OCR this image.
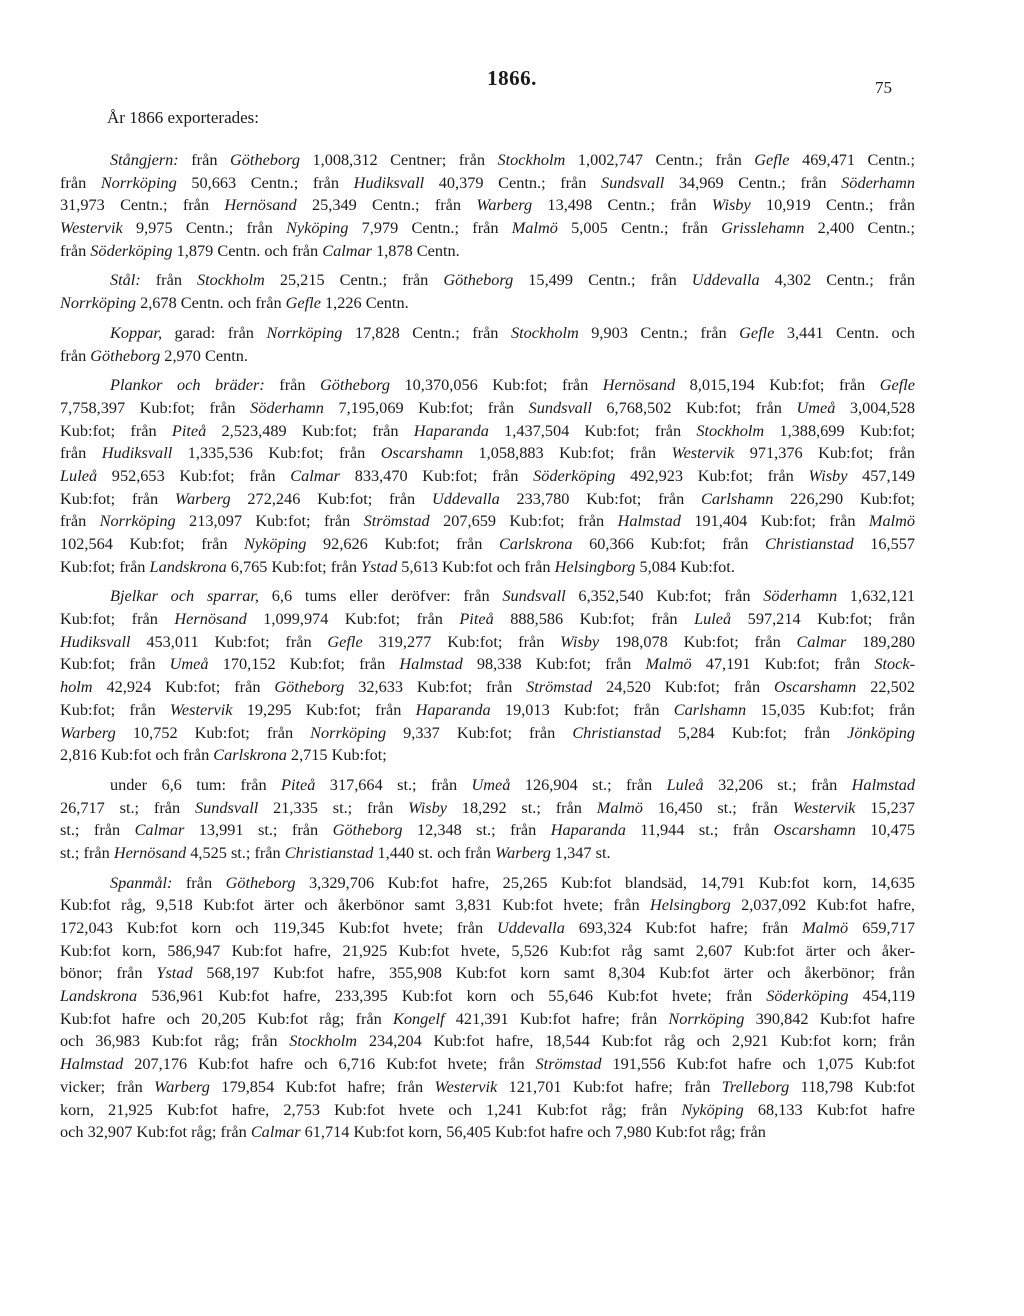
1866.	75
År 1866 exporterades:
Stångjern: från Götheborg 1,008,312 Centner; från Stockholm 1,002,747 Centn.; från Gefle 469,471 Centn.;
från Norrköping 50,663 Centn.; från Hudiksvall 40,379 Centn.; från Sundsvall 34,969 Centn.; från Söderhamn
31,973 Centn.; från Hernösand 25,349 Centn.; från Warberg 13,498 Centn.; från Wisby 10,919 Centn.; från
Westervik 9,975 Centn.; från Nyköping 7,979 Centn.; från Malmö 5,005 Centn.; från Grisslehamn 2,400 Centn.;
från Söderköping 1,879 Centn. och från Calmar 1,878 Centn.
Stål: från Stockholm 25,215 Centn.; från Götheborg 15,499 Centn.; från Uddevalla 4,302 Centn.; från
Norrköping 2,678 Centn. och från Gefle 1,226 Centn.
Koppar, garad: från Norrköping 17,828 Centn.; från Stockholm 9,903 Centn.; från Gefle 3,441 Centn. och
från Götheborg 2,970 Centn.
Plankor och bräder: från Götheborg 10,370,056 Kub:fot; från Hernösand 8,015,194 Kub:fot; från Gefle
7,758,397 Kub:fot; från Söderhamn 7,195,069 Kub:fot; från Sundsvall 6,768,502 Kub:fot; från Umeå 3,004,528
Kub:fot; från Piteå 2,523,489 Kub:fot; från Haparanda 1,437,504 Kub:fot; från Stockholm 1,388,699 Kub:fot;
från Hudiksvall 1,335,536 Kub:fot; från Oscarshamn 1,058,883 Kub:fot; från Westervik 971,376 Kub:fot; från
Luleå 952,653 Kub:fot; från Calmar 833,470 Kub:fot; från Söderköping 492,923 Kub:fot; från Wisby 457,149
Kub:fot; från Warberg 272,246 Kub:fot; från Uddevalla 233,780 Kub:fot; från Carlshamn 226,290 Kub:fot;
från Norrköping 213,097 Kub:fot; från Strömstad 207,659 Kub:fot; från Halmstad 191,404 Kub:fot; från Malmö
102,564 Kub:fot; från Nyköping 92,626 Kub:fot; från Carlskrona 60,366 Kub:fot; från Christianstad 16,557
Kub:fot; från Landskrona 6,765 Kub:fot; från Ystad 5,613 Kub:fot och från Helsingborg 5,084 Kub:fot.
Bjelkar och sparrar, 6,6 tums eller deröfver: från Sundsvall 6,352,540 Kub:fot; från Söderhamn 1,632,121
Kub:fot; från Hernösand 1,099,974 Kub:fot; från Piteå 888,586 Kub:fot; från Luleå 597,214 Kub:fot; från
Hudiksvall 453,011 Kub:fot; från Gefle 319,277 Kub:fot; från Wisby 198,078 Kub:fot; från Calmar 189,280
Kub:fot; från Umeå 170,152 Kub:fot; från Halmstad 98,338 Kub:fot; från Malmö 47,191 Kub:fot; från Stock-
holm 42,924 Kub:fot; från Götheborg 32,633 Kub:fot; från Strömstad 24,520 Kub:fot; från Oscarshamn 22,502
Kub:fot; från Westervik 19,295 Kub:fot; från Haparanda 19,013 Kub:fot; från Carlshamn 15,035 Kub:fot; från
Warberg 10,752 Kub:fot; från Norrköping 9,337 Kub:fot; från Christianstad 5,284 Kub:fot; från Jönköping
2,816 Kub:fot och från Carlskrona 2,715 Kub:fot;
under 6,6 tum: från Piteå 317,664 st.; från Umeå 126,904 st.; från Luleå 32,206 st.; från Halmstad
26,717 st.; från Sundsvall 21,335 st.; från Wisby 18,292 st.; från Malmö 16,450 st.; från Westervik 15,237
st.; från Calmar 13,991 st.; från Götheborg 12,348 st.; från Haparanda 11,944 st.; från Oscarshamn 10,475
st.; från Hernösand 4,525 st.; från Christianstad 1,440 st. och från Warberg 1,347 st.
Spanmål: från Götheborg 3,329,706 Kub:fot hafre, 25,265 Kub:fot blandsäd, 14,791 Kub:fot korn, 14,635
Kub:fot råg, 9,518 Kub:fot ärter och åkerbönor samt 3,831 Kub:fot hvete; från Helsingborg 2,037,092 Kub:fot hafre,
172,043 Kub:fot korn och 119,345 Kub:fot hvete; från Uddevalla 693,324 Kub:fot hafre; från Malmö 659,717
Kub:fot korn, 586,947 Kub:fot hafre, 21,925 Kub:fot hvete, 5,526 Kub:fot råg samt 2,607 Kub:fot ärter och åker-
bönor; från Ystad 568,197 Kub:fot hafre, 355,908 Kub:fot korn samt 8,304 Kub:fot ärter och åkerbönor; från
Landskrona 536,961 Kub:fot hafre, 233,395 Kub:fot korn och 55,646 Kub:fot hvete; från Söderköping 454,119
Kub:fot hafre och 20,205 Kub:fot råg; från Kongelf 421,391 Kub:fot hafre; från Norrköping 390,842 Kub:fot hafre
och 36,983 Kub:fot råg; från Stockholm 234,204 Kub:fot hafre, 18,544 Kub:fot råg och 2,921 Kub:fot korn; från
Halmstad 207,176 Kub:fot hafre och 6,716 Kub:fot hvete; från Strömstad 191,556 Kub:fot hafre och 1,075 Kub:fot
vicker; från Warberg 179,854 Kub:fot hafre; från Westervik 121,701 Kub:fot hafre; från Trelleborg 118,798 Kub:fot
korn, 21,925 Kub:fot hafre, 2,753 Kub:fot hvete och 1,241 Kub:fot råg; från Nyköping 68,133 Kub:fot hafre
och 32,907 Kub:fot råg; från Calmar 61,714 Kub:fot korn, 56,405 Kub:fot hafre och 7,980 Kub:fot råg; från
